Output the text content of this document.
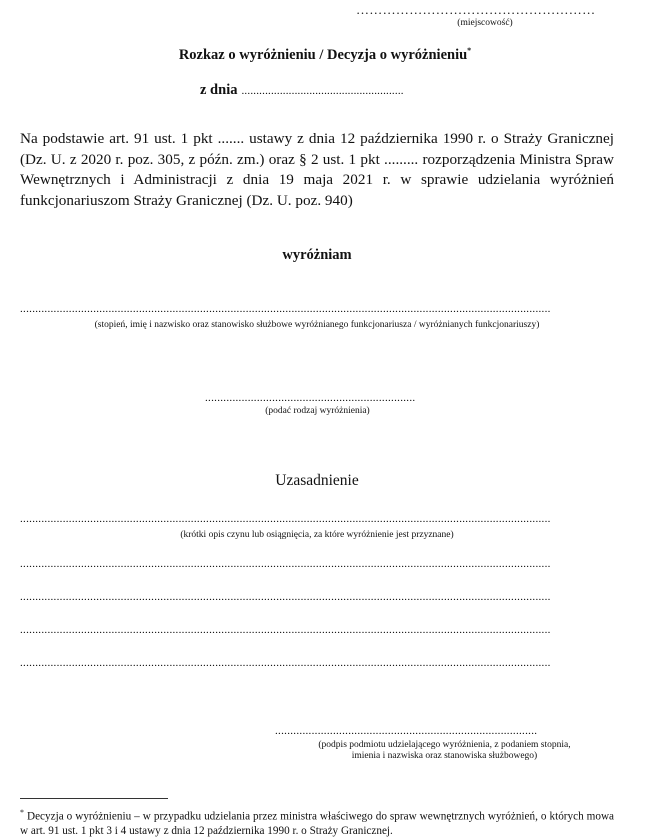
………………………………………………
(miejscowość)
Rozkaz o wyróżnieniu / Decyzja o wyróżnieniu*
z dnia .......................................................
Na podstawie art. 91 ust. 1 pkt ....... ustawy z dnia 12 października 1990 r. o Straży Granicznej (Dz. U. z 2020 r. poz. 305, z późn. zm.) oraz § 2 ust. 1 pkt ......... rozporządzenia Ministra Spraw Wewnętrznych i Administracji z dnia 19 maja 2021 r. w sprawie udzielania wyróżnień funkcjonariuszom Straży Granicznej (Dz. U. poz. 940)
wyróżniam
..............................................................................................................................................................................
(stopień, imię i nazwisko oraz stanowisko służbowe wyróżnianego funkcjonariusza / wyróżnianych funkcjonariuszy)
.....................................................................
(podać rodzaj wyróżnienia)
Uzasadnienie
..............................................................................................................................................................................
(krótki opis czynu lub osiągnięcia, za które wyróżnienie jest przyznane)
..............................................................................................................................................................................
..............................................................................................................................................................................
..............................................................................................................................................................................
..............................................................................................................................................................................
......................................................................................
(podpis podmiotu udzielającego wyróżnienia, z podaniem stopnia,
imienia i nazwiska oraz stanowiska służbowego)
* Decyzja o wyróżnieniu – w przypadku udzielania przez ministra właściwego do spraw wewnętrznych wyróżnień, o których mowa w art. 91 ust. 1 pkt 3 i 4 ustawy z dnia 12 października 1990 r. o Straży Granicznej.
